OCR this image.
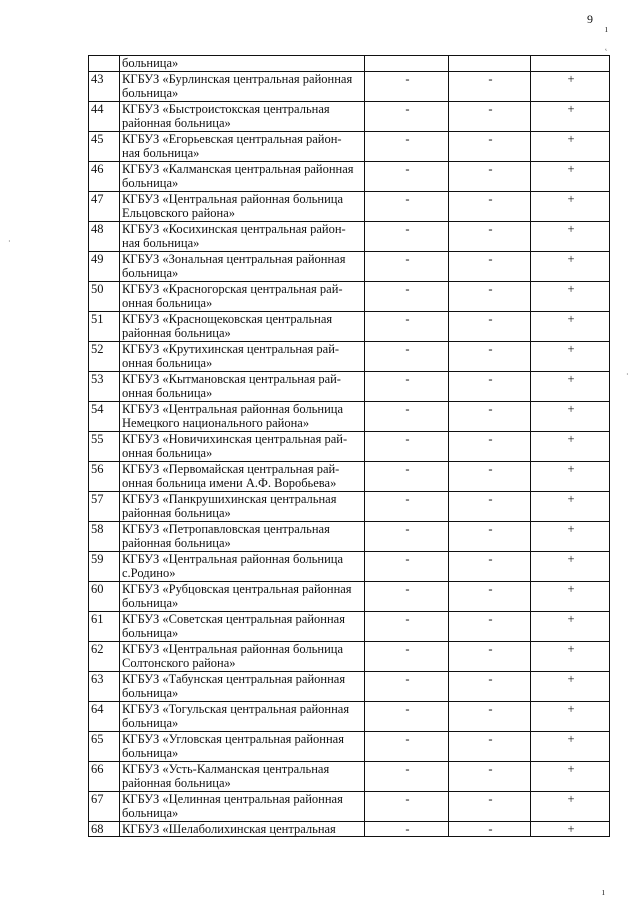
9
ı
˛
·
·
ı
	больница»			
43	КГБУЗ «Бурлинская центральная районная
больница»	-	-	+
44	КГБУЗ «Быстроистокская центральная
районная больница»	-	-	+
45	КГБУЗ «Егорьевская центральная район-
ная больница»	-	-	+
46	КГБУЗ «Калманская центральная районная
больница»	-	-	+
47	КГБУЗ «Центральная районная больница
Ельцовского района»	-	-	+
48	КГБУЗ «Косихинская центральная район-
ная больница»	-	-	+
49	КГБУЗ «Зональная центральная районная
больница»	-	-	+
50	КГБУЗ «Красногорская центральная рай-
онная больница»	-	-	+
51	КГБУЗ «Краснощековская центральная
районная больница»	-	-	+
52	КГБУЗ «Крутихинская центральная рай-
онная больница»	-	-	+
53	КГБУЗ «Кытмановская центральная рай-
онная больница»	-	-	+
54	КГБУЗ «Центральная районная больница
Немецкого национального района»	-	-	+
55	КГБУЗ «Новичихинская центральная рай-
онная больница»	-	-	+
56	КГБУЗ «Первомайская центральная рай-
онная больница имени А.Ф. Воробьева»	-	-	+
57	КГБУЗ «Панкрушихинская центральная
районная больница»	-	-	+
58	КГБУЗ «Петропавловская центральная
районная больница»	-	-	+
59	КГБУЗ «Центральная районная больница
с.Родино»	-	-	+
60	КГБУЗ «Рубцовская центральная районная
больница»	-	-	+
61	КГБУЗ «Советская центральная районная
больница»	-	-	+
62	КГБУЗ «Центральная районная больница
Солтонского района»	-	-	+
63	КГБУЗ «Табунская центральная районная
больница»	-	-	+
64	КГБУЗ «Тогульская центральная районная
больница»	-	-	+
65	КГБУЗ «Угловская центральная районная
больница»	-	-	+
66	КГБУЗ «Усть-Калманская центральная
районная больница»	-	-	+
67	КГБУЗ «Целинная центральная районная
больница»	-	-	+
68	КГБУЗ «Шелаболихинская центральная	-	-	+
